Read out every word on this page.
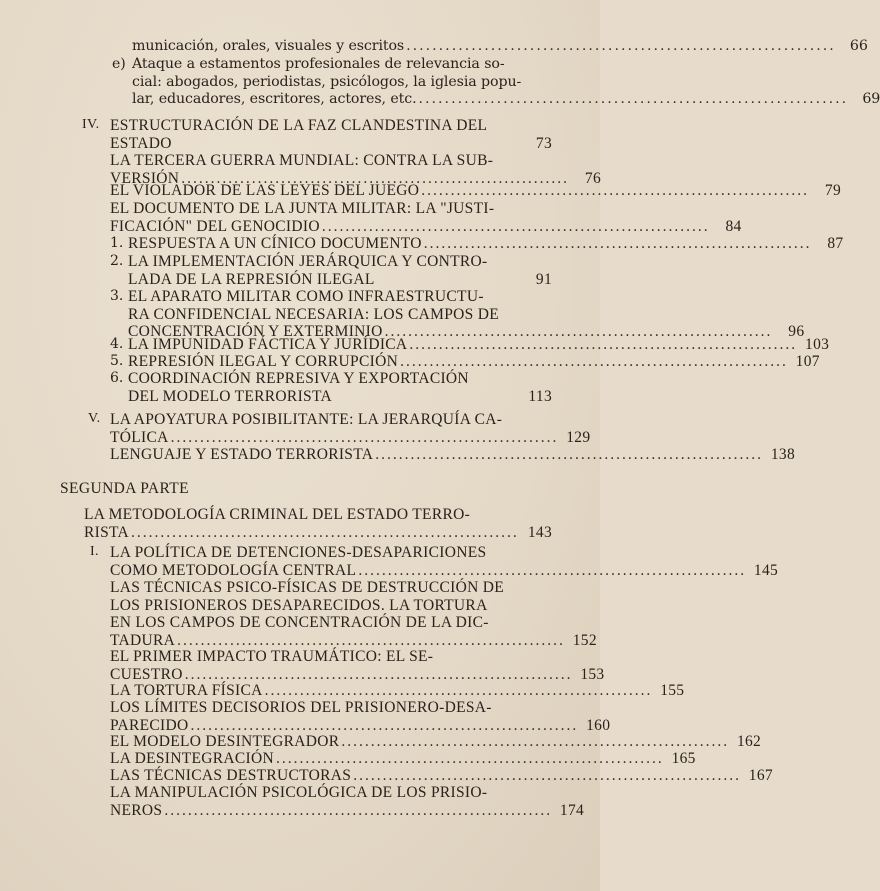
municación, orales, visuales y escritos .................................................................. 66
e) Ataque a estamentos profesionales de relevancia so-
cial: abogados, periodistas, psicólogos, la iglesia popu-
lar, educadores, escritores, actores, etc. .................................................................. 69
IV. ESTRUCTURACIÓN DE LA FAZ CLANDESTINA DEL
ESTADO	73
LA TERCERA GUERRA MUNDIAL: CONTRA LA SUB-
VERSIÓN ..................................................................	76
EL VIOLADOR DE LAS LEYES DEL JUEGO ..................................................................	79
EL DOCUMENTO DE LA JUNTA MILITAR: LA "JUSTI-
FICACIÓN" DEL GENOCIDIO ..................................................................	84
1. RESPUESTA A UN CÍNICO DOCUMENTO ..................................................................	87
2. LA IMPLEMENTACIÓN JERÁRQUICA Y CONTRO-
LADA DE LA REPRESIÓN ILEGAL	91
3. EL APARATO MILITAR COMO INFRAESTRUCTU-
RA CONFIDENCIAL NECESARIA: LOS CAMPOS DE
CONCENTRACIÓN Y EXTERMINIO ..................................................................	96
4. LA IMPUNIDAD FÁCTICA Y JURÍDICA .................................................................. 103
5. REPRESIÓN ILEGAL Y CORRUPCIÓN .................................................................. 107
6. COORDINACIÓN REPRESIVA Y EXPORTACIÓN
DEL MODELO TERRORISTA	113
V. LA APOYATURA POSIBILITANTE: LA JERARQUÍA CA-
TÓLICA .................................................................. 129
LENGUAJE Y ESTADO TERRORISTA .................................................................. 138
SEGUNDA PARTE
LA METODOLOGÍA CRIMINAL DEL ESTADO TERRO-
RISTA .................................................................. 143
I. LA POLÍTICA DE DETENCIONES-DESAPARICIONES
COMO METODOLOGÍA CENTRAL .................................................................. 145
LAS TÉCNICAS PSICO-FÍSICAS DE DESTRUCCIÓN DE
LOS PRISIONEROS DESAPARECIDOS. LA TORTURA
EN LOS CAMPOS DE CONCENTRACIÓN DE LA DIC-
TADURA .................................................................. 152
EL PRIMER IMPACTO TRAUMÁTICO: EL SE-
CUESTRO .................................................................. 153
LA TORTURA FÍSICA .................................................................. 155
LOS LÍMITES DECISORIOS DEL PRISIONERO-DESA-
PARECIDO .................................................................. 160
EL MODELO DESINTEGRADOR .................................................................. 162
LA DESINTEGRACIÓN .................................................................. 165
LAS TÉCNICAS DESTRUCTORAS .................................................................. 167
LA MANIPULACIÓN PSICOLÓGICA DE LOS PRISIO-
NEROS .................................................................. 174
